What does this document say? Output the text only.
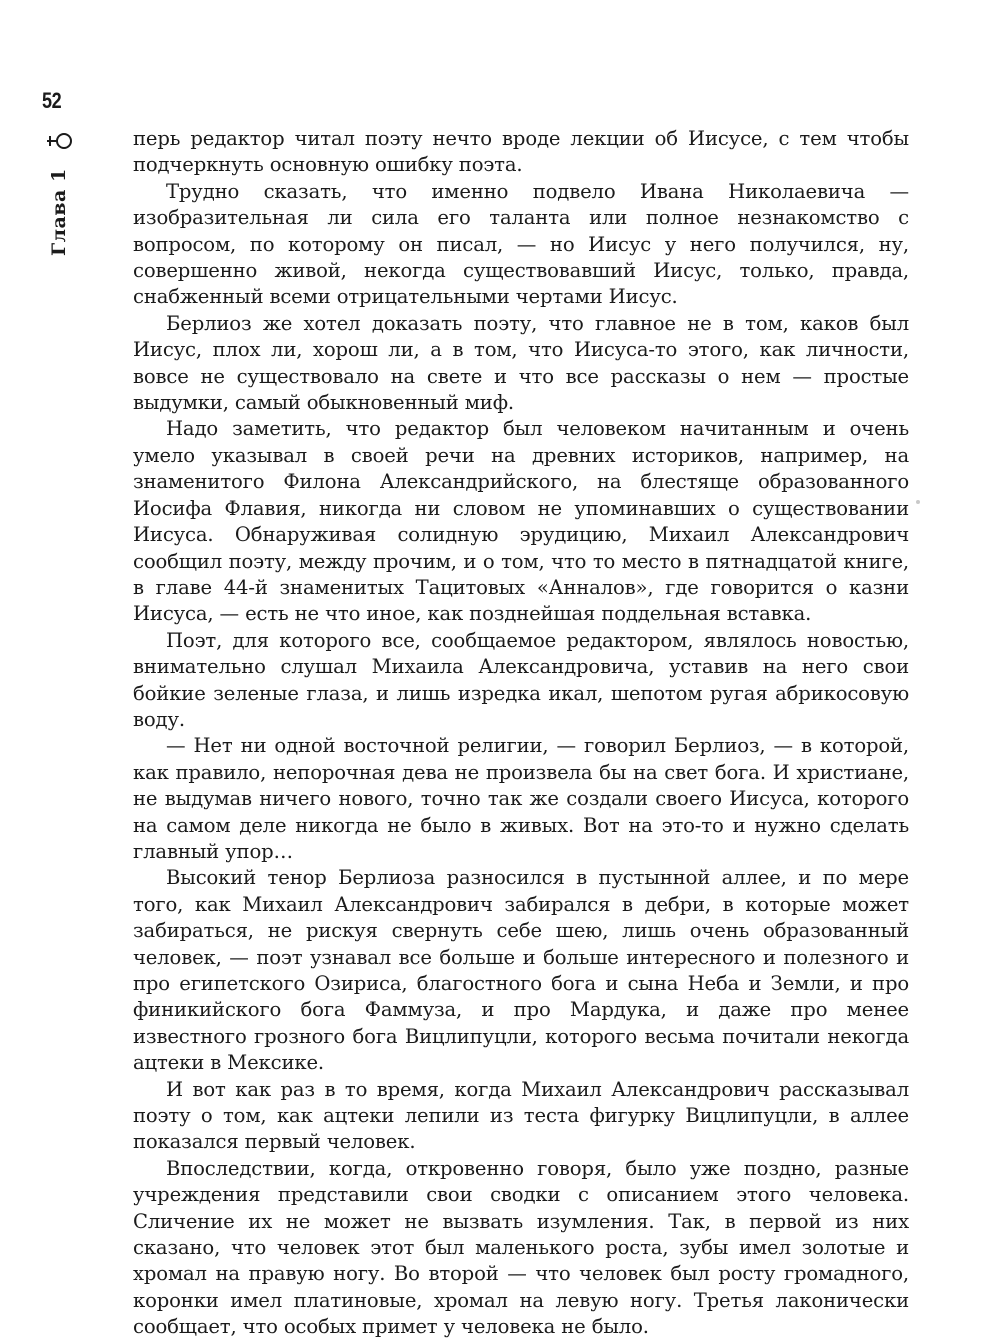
52
Глава 1

перь редактор читал поэту нечто вроде лекции об Иисусе, с тем чтобы подчеркнуть основную ошибку поэта.

Трудно сказать, что именно подвело Ивана Николаевича — изобразительная ли сила его таланта или полное незнакомство с вопросом, по которому он писал, — но Иисус у него получился, ну, совершенно живой, некогда существовавший Иисус, только, правда, снабженный всеми отрицательными чертами Иисус.

Берлиоз же хотел доказать поэту, что главное не в том, каков был Иисус, плох ли, хорош ли, а в том, что Иисуса-то этого, как личности, вовсе не существовало на свете и что все рассказы о нем — простые выдумки, самый обыкновенный миф.

Надо заметить, что редактор был человеком начитанным и очень умело указывал в своей речи на древних историков, например, на знаменитого Филона Александрийского, на блестяще образованного Иосифа Флавия, никогда ни словом не упоминавших о существовании Иисуса. Обнаруживая солидную эрудицию, Михаил Александрович сообщил поэту, между прочим, и о том, что то место в пятнадцатой книге, в главе 44-й знаменитых Тацитовых «Анналов», где говорится о казни Иисуса, — есть не что иное, как позднейшая поддельная вставка.

Поэт, для которого все, сообщаемое редактором, являлось новостью, внимательно слушал Михаила Александровича, уставив на него свои бойкие зеленые глаза, и лишь изредка икал, шепотом ругая абрикосовую воду.

— Нет ни одной восточной религии, — говорил Берлиоз, — в которой, как правило, непорочная дева не произвела бы на свет бога. И христиане, не выдумав ничего нового, точно так же создали своего Иисуса, которого на самом деле никогда не было в живых. Вот на это-то и нужно сделать главный упор…

Высокий тенор Берлиоза разносился в пустынной аллее, и по мере того, как Михаил Александрович забирался в дебри, в которые может забираться, не рискуя свернуть себе шею, лишь очень образованный человек, — поэт узнавал все больше и больше интересного и полезного и про египетского Озириса, благостного бога и сына Неба и Земли, и про финикийского бога Фаммуза, и про Мардука, и даже про менее известного грозного бога Вицлипуцли, которого весьма почитали некогда ацтеки в Мексике.

И вот как раз в то время, когда Михаил Александрович рассказывал поэту о том, как ацтеки лепили из теста фигурку Вицлипуцли, в аллее показался первый человек.

Впоследствии, когда, откровенно говоря, было уже поздно, разные учреждения представили свои сводки с описанием этого человека. Сличение их не может не вызвать изумления. Так, в первой из них сказано, что человек этот был маленького роста, зубы имел золотые и хромал на правую ногу. Во второй — что человек был росту громадного, коронки имел платиновые, хромал на левую ногу. Третья лаконически сообщает, что особых примет у человека не было.
